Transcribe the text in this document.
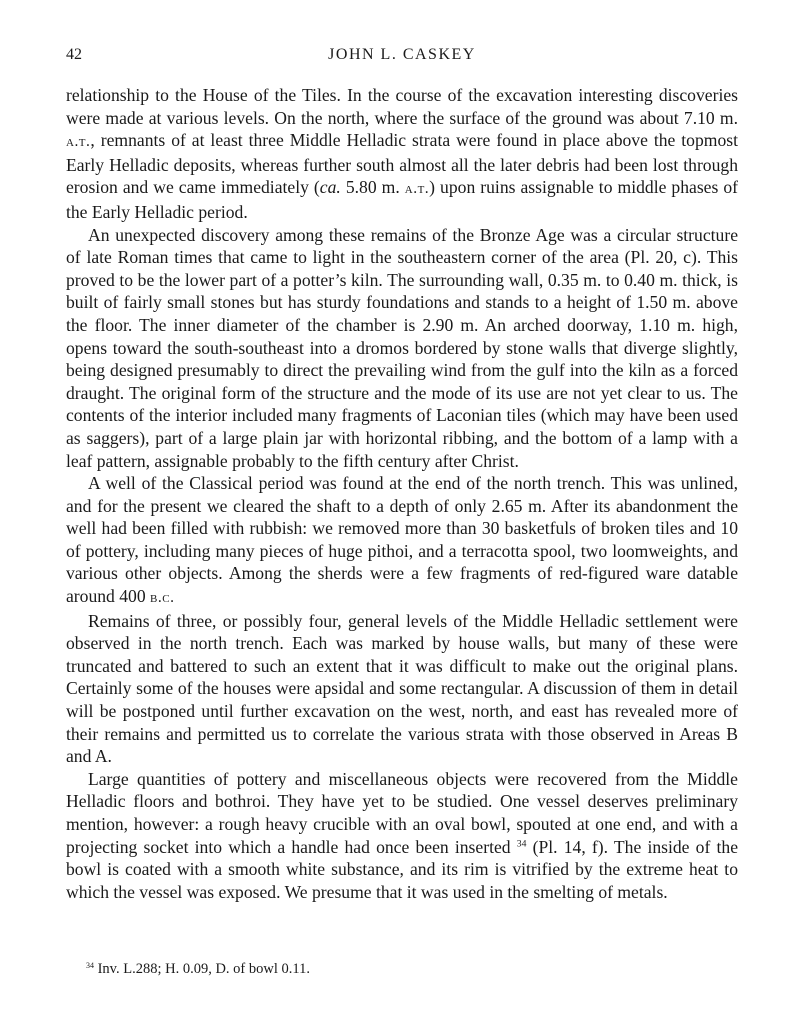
42	JOHN L. CASKEY

relationship to the House of the Tiles. In the course of the excavation interesting discoveries were made at various levels. On the north, where the surface of the ground was about 7.10 m. a.t., remnants of at least three Middle Helladic strata were found in place above the topmost Early Helladic deposits, whereas further south almost all the later debris had been lost through erosion and we came immediately (ca. 5.80 m. a.t.) upon ruins assignable to middle phases of the Early Helladic period.

An unexpected discovery among these remains of the Bronze Age was a circular structure of late Roman times that came to light in the southeastern corner of the area (Pl. 20, c). This proved to be the lower part of a potter’s kiln. The surrounding wall, 0.35 m. to 0.40 m. thick, is built of fairly small stones but has sturdy foundations and stands to a height of 1.50 m. above the floor. The inner diameter of the chamber is 2.90 m. An arched doorway, 1.10 m. high, opens toward the south-southeast into a dromos bordered by stone walls that diverge slightly, being designed presumably to direct the prevailing wind from the gulf into the kiln as a forced draught. The original form of the structure and the mode of its use are not yet clear to us. The contents of the interior included many fragments of Laconian tiles (which may have been used as saggers), part of a large plain jar with horizontal ribbing, and the bottom of a lamp with a leaf pattern, assignable probably to the fifth century after Christ.

A well of the Classical period was found at the end of the north trench. This was unlined, and for the present we cleared the shaft to a depth of only 2.65 m. After its abandonment the well had been filled with rubbish: we removed more than 30 basketfuls of broken tiles and 10 of pottery, including many pieces of huge pithoi, and a terracotta spool, two loomweights, and various other objects. Among the sherds were a few fragments of red-figured ware datable around 400 b.c.

Remains of three, or possibly four, general levels of the Middle Helladic settlement were observed in the north trench. Each was marked by house walls, but many of these were truncated and battered to such an extent that it was difficult to make out the original plans. Certainly some of the houses were apsidal and some rectangular. A discussion of them in detail will be postponed until further excavation on the west, north, and east has revealed more of their remains and permitted us to correlate the various strata with those observed in Areas B and A.

Large quantities of pottery and miscellaneous objects were recovered from the Middle Helladic floors and bothroi. They have yet to be studied. One vessel deserves preliminary mention, however: a rough heavy crucible with an oval bowl, spouted at one end, and with a projecting socket into which a handle had once been inserted $^{34}$ (Pl. 14, f). The inside of the bowl is coated with a smooth white substance, and its rim is vitrified by the extreme heat to which the vessel was exposed. We presume that it was used in the smelting of metals.

$^{34}$ Inv. L.288; H. 0.09, D. of bowl 0.11.
